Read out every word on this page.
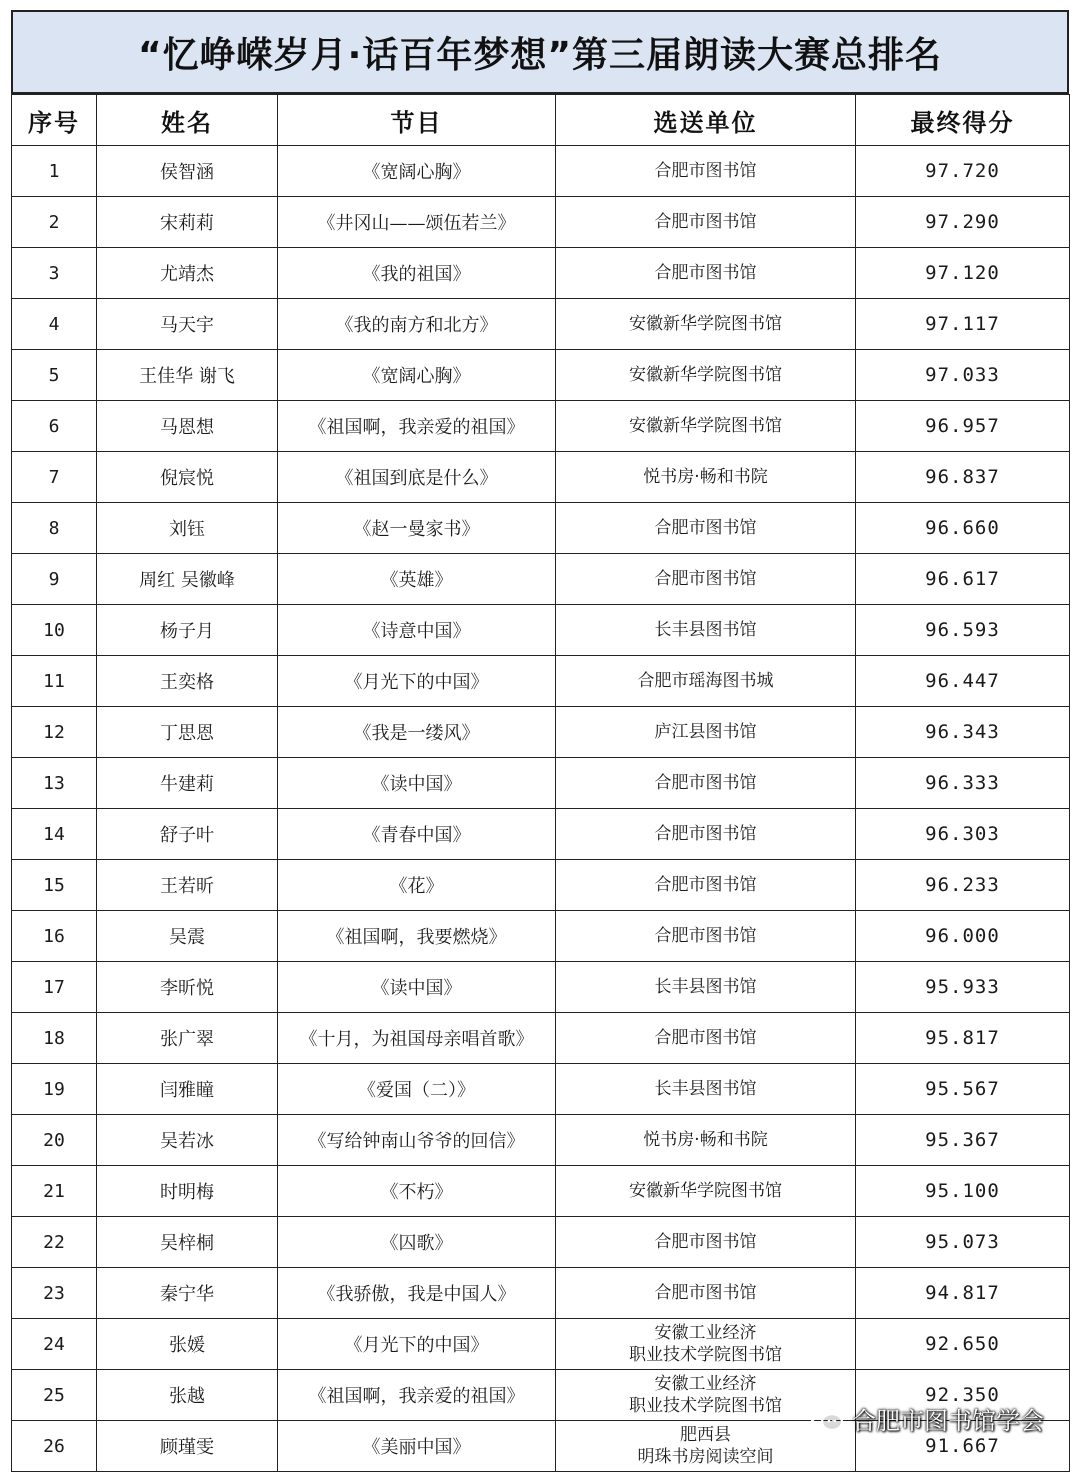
“忆峥嵘岁月·话百年梦想”第三届朗读大赛总排名
序号	姓名	节目	选送单位	最终得分
1	侯智涵	《宽阔心胸》	合肥市图书馆	97.720
2	宋莉莉	《井冈山——颂伍若兰》	合肥市图书馆	97.290
3	尤靖杰	《我的祖国》	合肥市图书馆	97.120
4	马天宇	《我的南方和北方》	安徽新华学院图书馆	97.117
5	王佳华 谢飞	《宽阔心胸》	安徽新华学院图书馆	97.033
6	马恩想	《祖国啊，我亲爱的祖国》	安徽新华学院图书馆	96.957
7	倪宸悦	《祖国到底是什么》	悦书房·畅和书院	96.837
8	刘钰	《赵一曼家书》	合肥市图书馆	96.660
9	周红 吴徽峰	《英雄》	合肥市图书馆	96.617
10	杨子月	《诗意中国》	长丰县图书馆	96.593
11	王奕格	《月光下的中国》	合肥市瑶海图书城	96.447
12	丁思恩	《我是一缕风》	庐江县图书馆	96.343
13	牛建莉	《读中国》	合肥市图书馆	96.333
14	舒子叶	《青春中国》	合肥市图书馆	96.303
15	王若昕	《花》	合肥市图书馆	96.233
16	吴震	《祖国啊，我要燃烧》	合肥市图书馆	96.000
17	李昕悦	《读中国》	长丰县图书馆	95.933
18	张广翠	《十月，为祖国母亲唱首歌》	合肥市图书馆	95.817
19	闫雅瞳	《爱国（二）》	长丰县图书馆	95.567
20	吴若冰	《写给钟南山爷爷的回信》	悦书房·畅和书院	95.367
21	时明梅	《不朽》	安徽新华学院图书馆	95.100
22	吴梓桐	《囚歌》	合肥市图书馆	95.073
23	秦宁华	《我骄傲，我是中国人》	合肥市图书馆	94.817
24	张媛	《月光下的中国》	安徽工业经济
职业技术学院图书馆	92.650
25	张越	《祖国啊，我亲爱的祖国》	安徽工业经济
职业技术学院图书馆	92.350
26	顾瑾雯	《美丽中国》	肥西县
明珠书房阅读空间	91.667
合肥市图书馆学会
